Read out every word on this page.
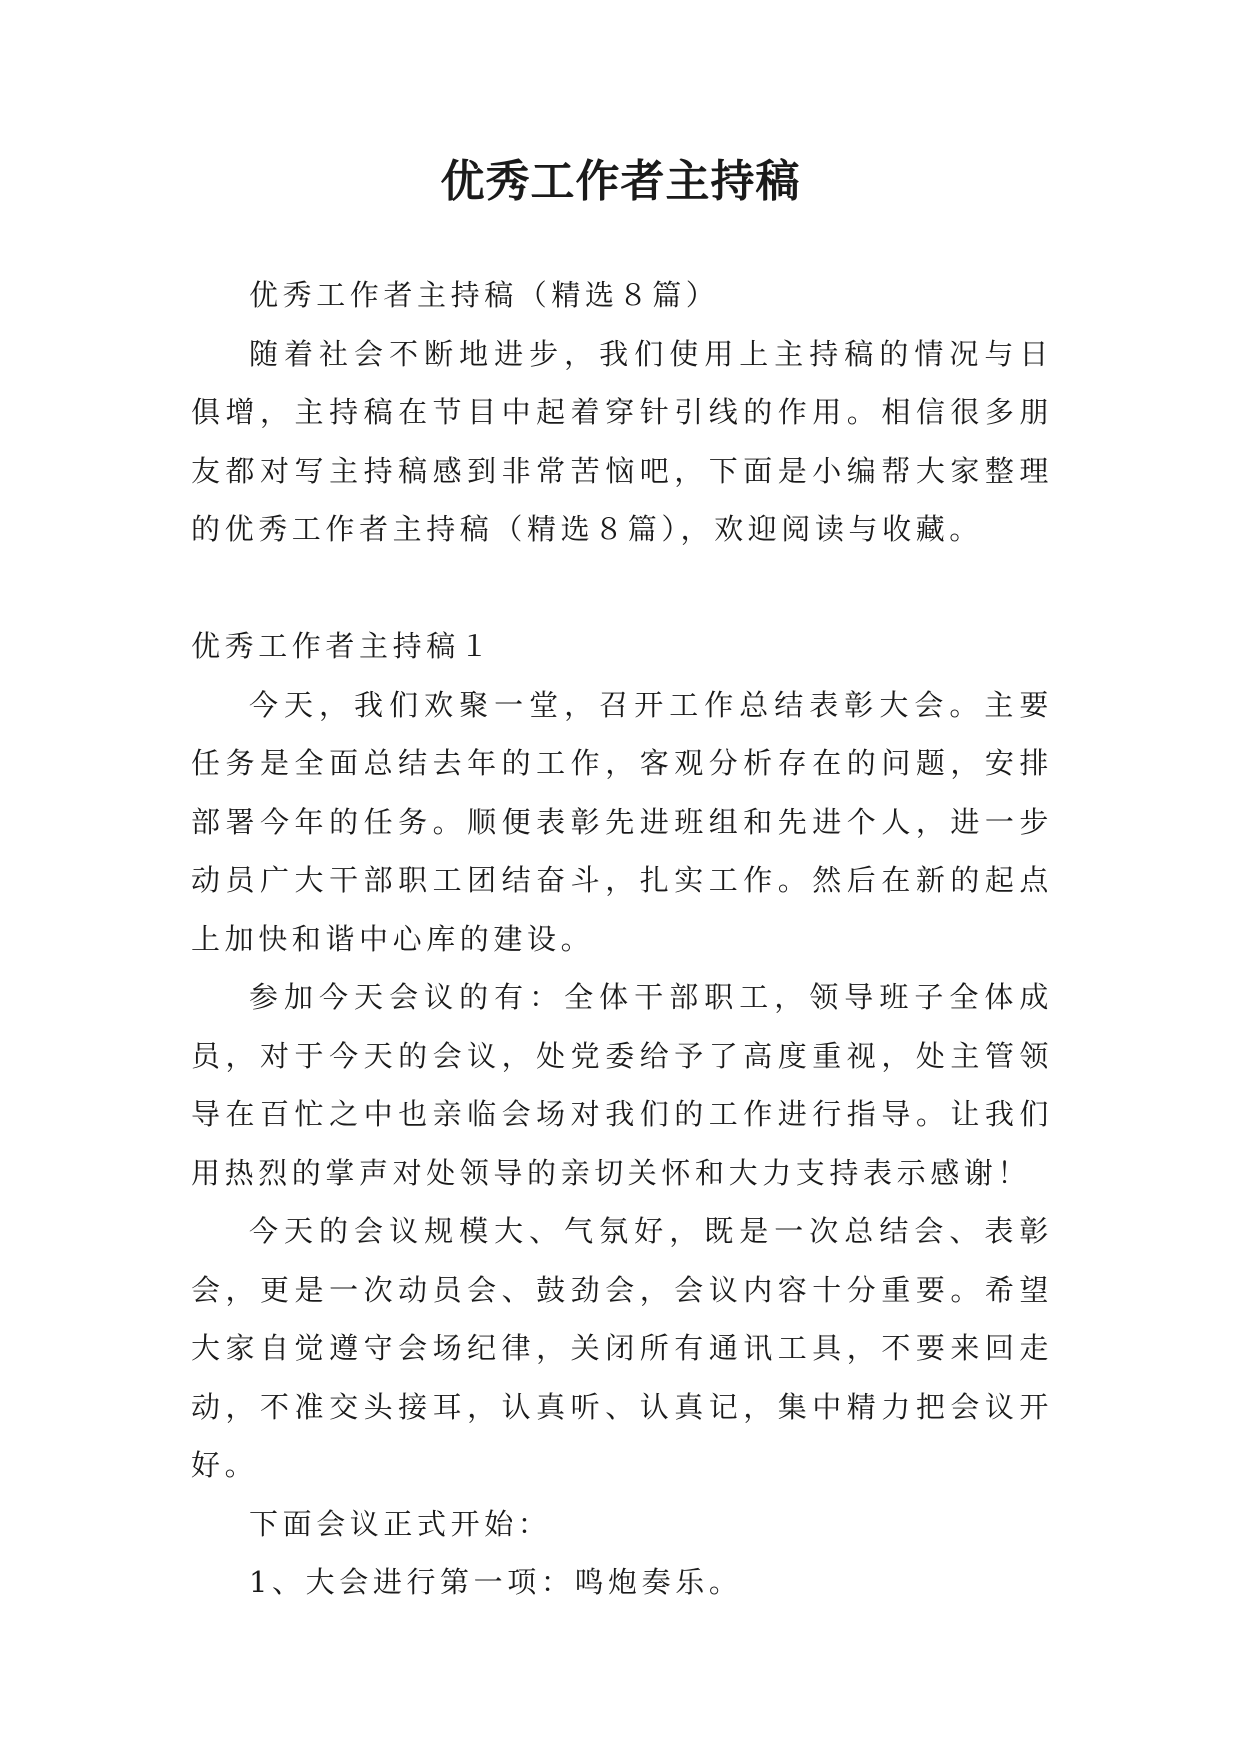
优秀工作者主持稿

优秀工作者主持稿（精选８篇）

随着社会不断地进步，我们使用上主持稿的情况与日俱增，主持稿在节目中起着穿针引线的作用。相信很多朋友都对写主持稿感到非常苦恼吧，下面是小编帮大家整理的优秀工作者主持稿（精选８篇），欢迎阅读与收藏。

优秀工作者主持稿１

今天，我们欢聚一堂，召开工作总结表彰大会。主要任务是全面总结去年的工作，客观分析存在的问题，安排部署今年的任务。顺便表彰先进班组和先进个人，进一步动员广大干部职工团结奋斗，扎实工作。然后在新的起点上加快和谐中心库的建设。

参加今天会议的有：全体干部职工，领导班子全体成员，对于今天的会议，处党委给予了高度重视，处主管领导在百忙之中也亲临会场对我们的工作进行指导。让我们用热烈的掌声对处领导的亲切关怀和大力支持表示感谢！

今天的会议规模大、气氛好，既是一次总结会、表彰会，更是一次动员会、鼓劲会，会议内容十分重要。希望大家自觉遵守会场纪律，关闭所有通讯工具，不要来回走动，不准交头接耳，认真听、认真记，集中精力把会议开好。

下面会议正式开始：

1、大会进行第一项：鸣炮奏乐。
